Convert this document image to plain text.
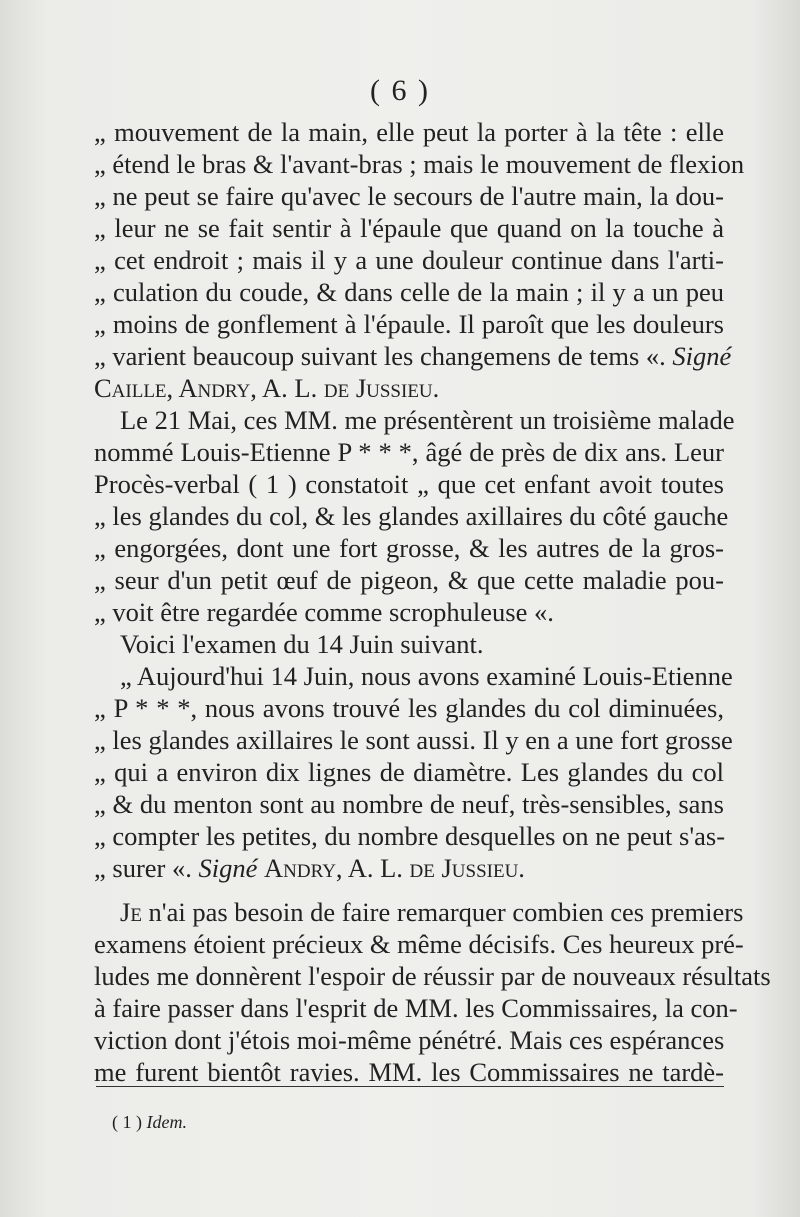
( 6 )
„ mouvement de la main, elle peut la porter à la tête : elle
„ étend le bras & l'avant-bras ; mais le mouvement de flexion
„ ne peut se faire qu'avec le secours de l'autre main, la dou-
„ leur ne se fait sentir à l'épaule que quand on la touche à
„ cet endroit ; mais il y a une douleur continue dans l'arti-
„ culation du coude, & dans celle de la main ; il y a un peu
„ moins de gonflement à l'épaule. Il paroît que les douleurs
„ varient beaucoup suivant les changemens de tems «. Signé
Caille, Andry, A. L. de Jussieu.
Le 21 Mai, ces MM. me présentèrent un troisième malade
nommé Louis-Etienne P * * *, âgé de près de dix ans. Leur
Procès-verbal ( 1 ) constatoit „ que cet enfant avoit toutes
„ les glandes du col, & les glandes axillaires du côté gauche
„ engorgées, dont une fort grosse, & les autres de la gros-
„ seur d'un petit œuf de pigeon, & que cette maladie pou-
„ voit être regardée comme scrophuleuse «.
Voici l'examen du 14 Juin suivant.
„ Aujourd'hui 14 Juin, nous avons examiné Louis-Etienne
„ P * * *, nous avons trouvé les glandes du col diminuées,
„ les glandes axillaires le sont aussi. Il y en a une fort grosse
„ qui a environ dix lignes de diamètre. Les glandes du col
„ & du menton sont au nombre de neuf, très-sensibles, sans
„ compter les petites, du nombre desquelles on ne peut s'as-
„ surer «. Signé Andry, A. L. de Jussieu.
Je n'ai pas besoin de faire remarquer combien ces premiers
examens étoient précieux & même décisifs. Ces heureux pré-
ludes me donnèrent l'espoir de réussir par de nouveaux résultats
à faire passer dans l'esprit de MM. les Commissaires, la con-
viction dont j'étois moi-même pénétré. Mais ces espérances
me furent bientôt ravies. MM. les Commissaires ne tardè-
( 1 ) Idem.
